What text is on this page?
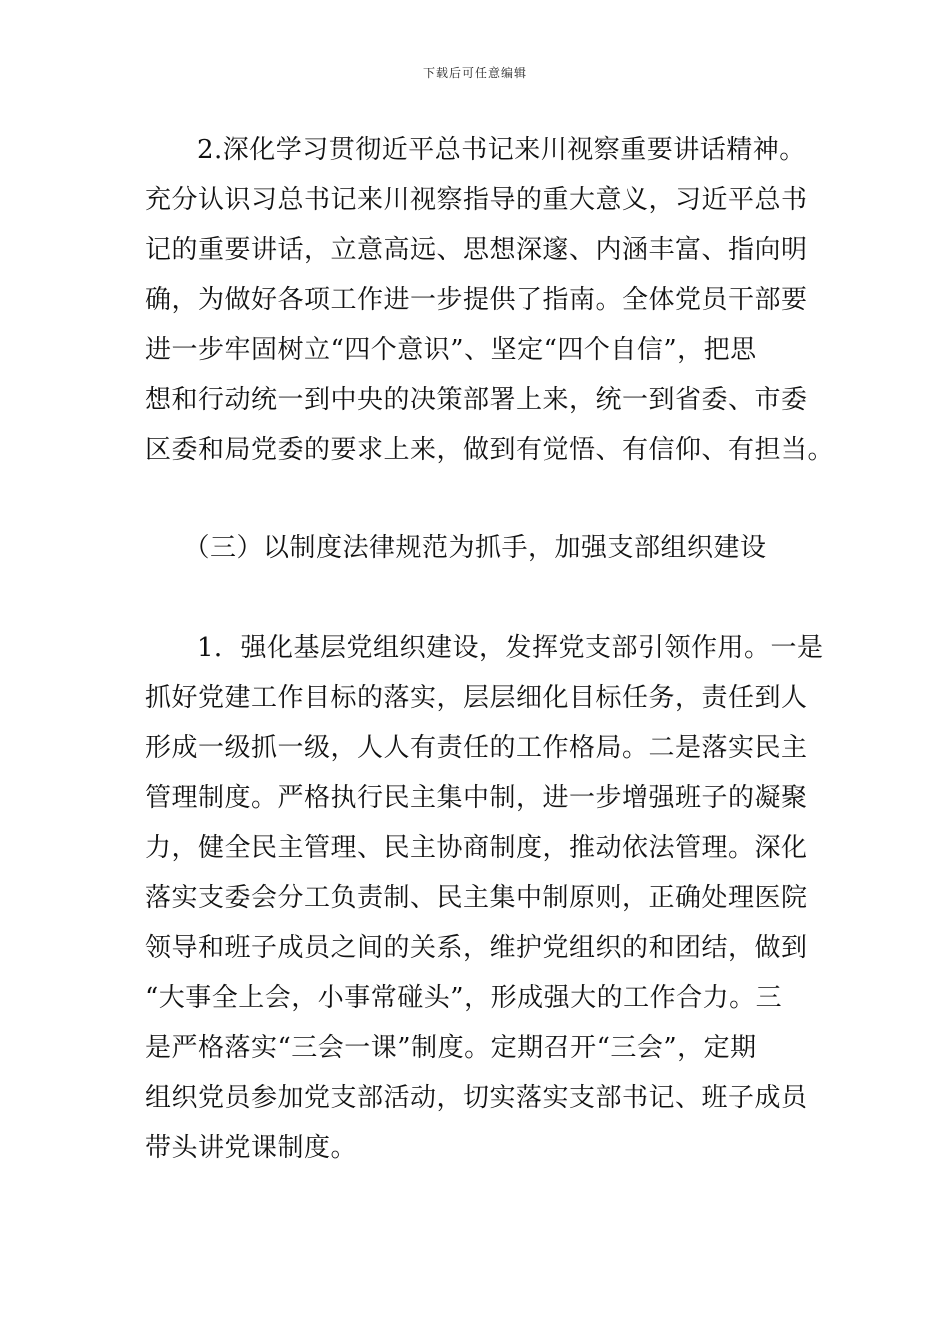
下载后可任意编辑
2.深化学习贯彻近平总书记来川视察重要讲话精神。
充分认识习总书记来川视察指导的重大意义，习近平总书
记的重要讲话，立意高远、思想深邃、内涵丰富、指向明
确，为做好各项工作进一步提供了指南。全体党员干部要
进一步牢固树立“四个意识”、坚定“四个自信”，把思
想和行动统一到中央的决策部署上来，统一到省委、市委
区委和局党委的要求上来，做到有觉悟、有信仰、有担当。
（三）以制度法律规范为抓手，加强支部组织建设
1．强化基层党组织建设，发挥党支部引领作用。一是
抓好党建工作目标的落实，层层细化目标任务，责任到人
形成一级抓一级，人人有责任的工作格局。二是落实民主
管理制度。严格执行民主集中制，进一步增强班子的凝聚
力，健全民主管理、民主协商制度，推动依法管理。深化
落实支委会分工负责制、民主集中制原则，正确处理医院
领导和班子成员之间的关系，维护党组织的和团结，做到
“大事全上会，小事常碰头”，形成强大的工作合力。三
是严格落实“三会一课”制度。定期召开“三会”，定期
组织党员参加党支部活动，切实落实支部书记、班子成员
带头讲党课制度。
